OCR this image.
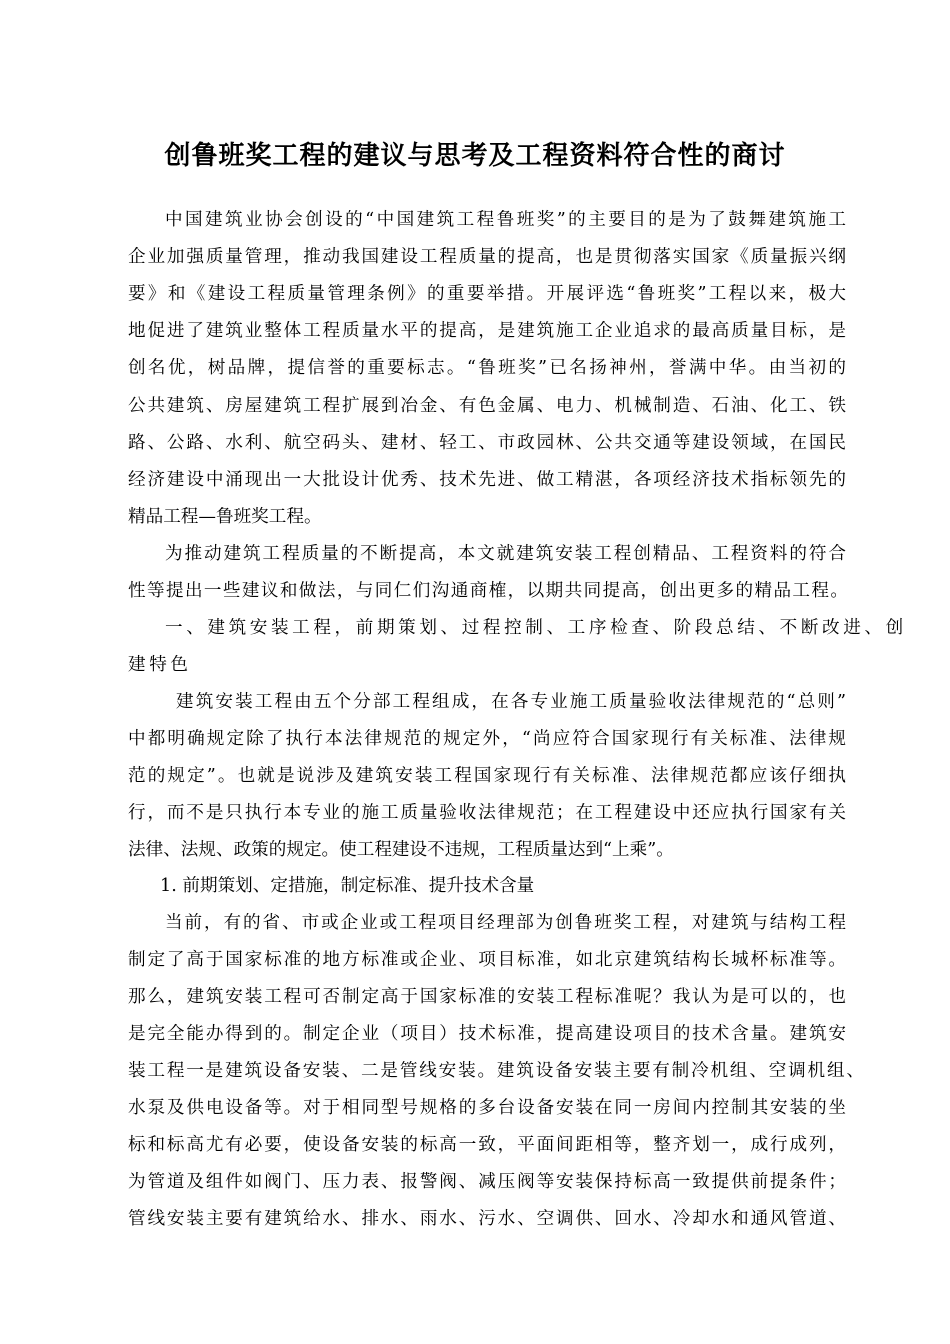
创鲁班奖工程的建议与思考及工程资料符合性的商讨
中国建筑业协会创设的“中国建筑工程鲁班奖”的主要目的是为了鼓舞建筑施工
企业加强质量管理，推动我国建设工程质量的提高，也是贯彻落实国家《质量振兴纲
要》和《建设工程质量管理条例》的重要举措。开展评选“鲁班奖”工程以来，极大
地促进了建筑业整体工程质量水平的提高，是建筑施工企业追求的最高质量目标，是
创名优，树品牌，提信誉的重要标志。“鲁班奖”已名扬神州，誉满中华。由当初的
公共建筑、房屋建筑工程扩展到冶金、有色金属、电力、机械制造、石油、化工、铁
路、公路、水利、航空码头、建材、轻工、市政园林、公共交通等建设领域，在国民
经济建设中涌现出一大批设计优秀、技术先进、做工精湛，各项经济技术指标领先的
精品工程—鲁班奖工程。
为推动建筑工程质量的不断提高，本文就建筑安装工程创精品、工程资料的符合
性等提出一些建议和做法，与同仁们沟通商榷，以期共同提高，创出更多的精品工程。
一、建筑安装工程，前期策划、过程控制、工序检查、阶段总结、不断改进、创
建特色
建筑安装工程由五个分部工程组成，在各专业施工质量验收法律规范的“总则”
中都明确规定除了执行本法律规范的规定外，“尚应符合国家现行有关标准、法律规
范的规定”。也就是说涉及建筑安装工程国家现行有关标准、法律规范都应该仔细执
行，而不是只执行本专业的施工质量验收法律规范；在工程建设中还应执行国家有关
法律、法规、政策的规定。使工程建设不违规，工程质量达到“上乘”。
1. 前期策划、定措施，制定标准、提升技术含量
当前，有的省、市或企业或工程项目经理部为创鲁班奖工程，对建筑与结构工程
制定了高于国家标准的地方标准或企业、项目标准，如北京建筑结构长城杯标准等。
那么，建筑安装工程可否制定高于国家标准的安装工程标准呢？我认为是可以的，也
是完全能办得到的。制定企业（项目）技术标准，提高建设项目的技术含量。建筑安
装工程一是建筑设备安装、二是管线安装。建筑设备安装主要有制冷机组、空调机组、
水泵及供电设备等。对于相同型号规格的多台设备安装在同一房间内控制其安装的坐
标和标高尤有必要，使设备安装的标高一致，平面间距相等，整齐划一，成行成列，
为管道及组件如阀门、压力表、报警阀、减压阀等安装保持标高一致提供前提条件；
管线安装主要有建筑给水、排水、雨水、污水、空调供、回水、冷却水和通风管道、
